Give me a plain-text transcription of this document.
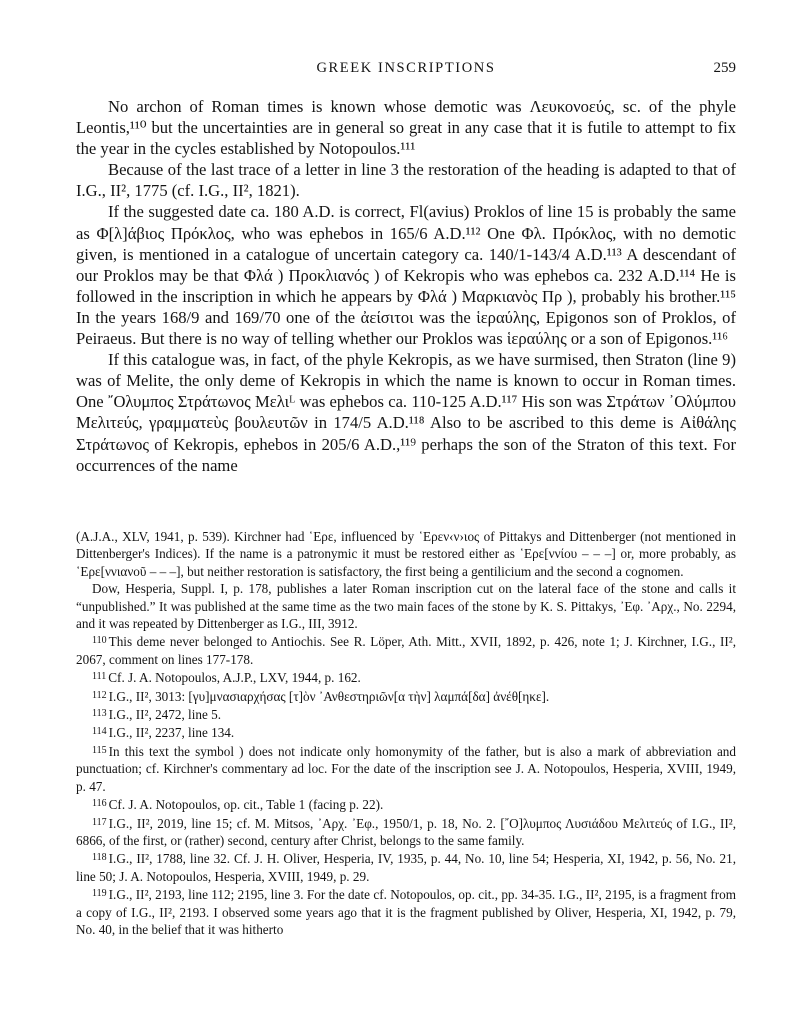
GREEK INSCRIPTIONS	259

No archon of Roman times is known whose demotic was Λευκονοεύς, sc. of the phyle Leontis,¹¹⁰ but the uncertainties are in general so great in any case that it is futile to attempt to fix the year in the cycles established by Notopoulos.¹¹¹

Because of the last trace of a letter in line 3 the restoration of the heading is adapted to that of I.G., II², 1775 (cf. I.G., II², 1821).

If the suggested date ca. 180 A.D. is correct, Fl(avius) Proklos of line 15 is probably the same as Φ[λ]άβιος Πρόκλος, who was ephebos in 165/6 A.D.¹¹² One Φλ. Πρόκλος, with no demotic given, is mentioned in a catalogue of uncertain category ca. 140/1-143/4 A.D.¹¹³ A descendant of our Proklos may be that Φλά ) Προκλιανός ) of Kekropis who was ephebos ca. 232 A.D.¹¹⁴ He is followed in the inscription in which he appears by Φλά ) Μαρκιανὸς Πρ ), probably his brother.¹¹⁵ In the years 168/9 and 169/70 one of the ἀείσιτοι was the ἱεραύλης, Epigonos son of Proklos, of Peiraeus. But there is no way of telling whether our Proklos was ἱεραύλης or a son of Epigonos.¹¹⁶

If this catalogue was, in fact, of the phyle Kekropis, as we have surmised, then Straton (line 9) was of Melite, the only deme of Kekropis in which the name is known to occur in Roman times. One ῎Ολυμπος Στράτωνος Μελιᴸ was ephebos ca. 110-125 A.D.¹¹⁷ His son was Στράτων ᾿Ολύμπου Μελιτεύς, γραμματεὺς βουλευτῶν in 174/5 A.D.¹¹⁸ Also to be ascribed to this deme is Αἰθάλης Στράτωνος of Kekropis, ephebos in 205/6 A.D.,¹¹⁹ perhaps the son of the Straton of this text. For occurrences of the name

(A.J.A., XLV, 1941, p. 539). Kirchner had ῾Ερε, influenced by ῾Ερεν‹ν›ιος of Pittakys and Dittenberger (not mentioned in Dittenberger's Indices). If the name is a patronymic it must be restored either as ῾Ερε[ννίου – – –] or, more probably, as ῾Ερε[ννιανοῦ – – –], but neither restoration is satisfactory, the first being a gentilicium and the second a cognomen.

Dow, Hesperia, Suppl. I, p. 178, publishes a later Roman inscription cut on the lateral face of the stone and calls it “unpublished.” It was published at the same time as the two main faces of the stone by K. S. Pittakys, ᾿Εφ. ᾿Αρχ., No. 2294, and it was repeated by Dittenberger as I.G., III, 3912.

$^{110}$ This deme never belonged to Antiochis. See R. Löper, Ath. Mitt., XVII, 1892, p. 426, note 1; J. Kirchner, I.G., II², 2067, comment on lines 177-178.

$^{111}$ Cf. J. A. Notopoulos, A.J.P., LXV, 1944, p. 162.

$^{112}$ I.G., II², 3013: [γυ]μνασιαρχήσας [τ]ὸν ᾿Ανθεστηριῶν[α τὴν] λαμπά[δα] ἀνέθ[ηκε].

$^{113}$ I.G., II², 2472, line 5.

$^{114}$ I.G., II², 2237, line 134.

$^{115}$ In this text the symbol ) does not indicate only homonymity of the father, but is also a mark of abbreviation and punctuation; cf. Kirchner's commentary ad loc. For the date of the inscription see J. A. Notopoulos, Hesperia, XVIII, 1949, p. 47.

$^{116}$ Cf. J. A. Notopoulos, op. cit., Table 1 (facing p. 22).

$^{117}$ I.G., II², 2019, line 15; cf. M. Mitsos, ᾿Αρχ. ᾿Εφ., 1950/1, p. 18, No. 2. [῎Ο]λυμπος Λυσιάδου Μελιτεύς of I.G., II², 6866, of the first, or (rather) second, century after Christ, belongs to the same family.

$^{118}$ I.G., II², 1788, line 32. Cf. J. H. Oliver, Hesperia, IV, 1935, p. 44, No. 10, line 54; Hesperia, XI, 1942, p. 56, No. 21, line 50; J. A. Notopoulos, Hesperia, XVIII, 1949, p. 29.

$^{119}$ I.G., II², 2193, line 112; 2195, line 3. For the date cf. Notopoulos, op. cit., pp. 34-35. I.G., II², 2195, is a fragment from a copy of I.G., II², 2193. I observed some years ago that it is the fragment published by Oliver, Hesperia, XI, 1942, p. 79, No. 40, in the belief that it was hitherto
